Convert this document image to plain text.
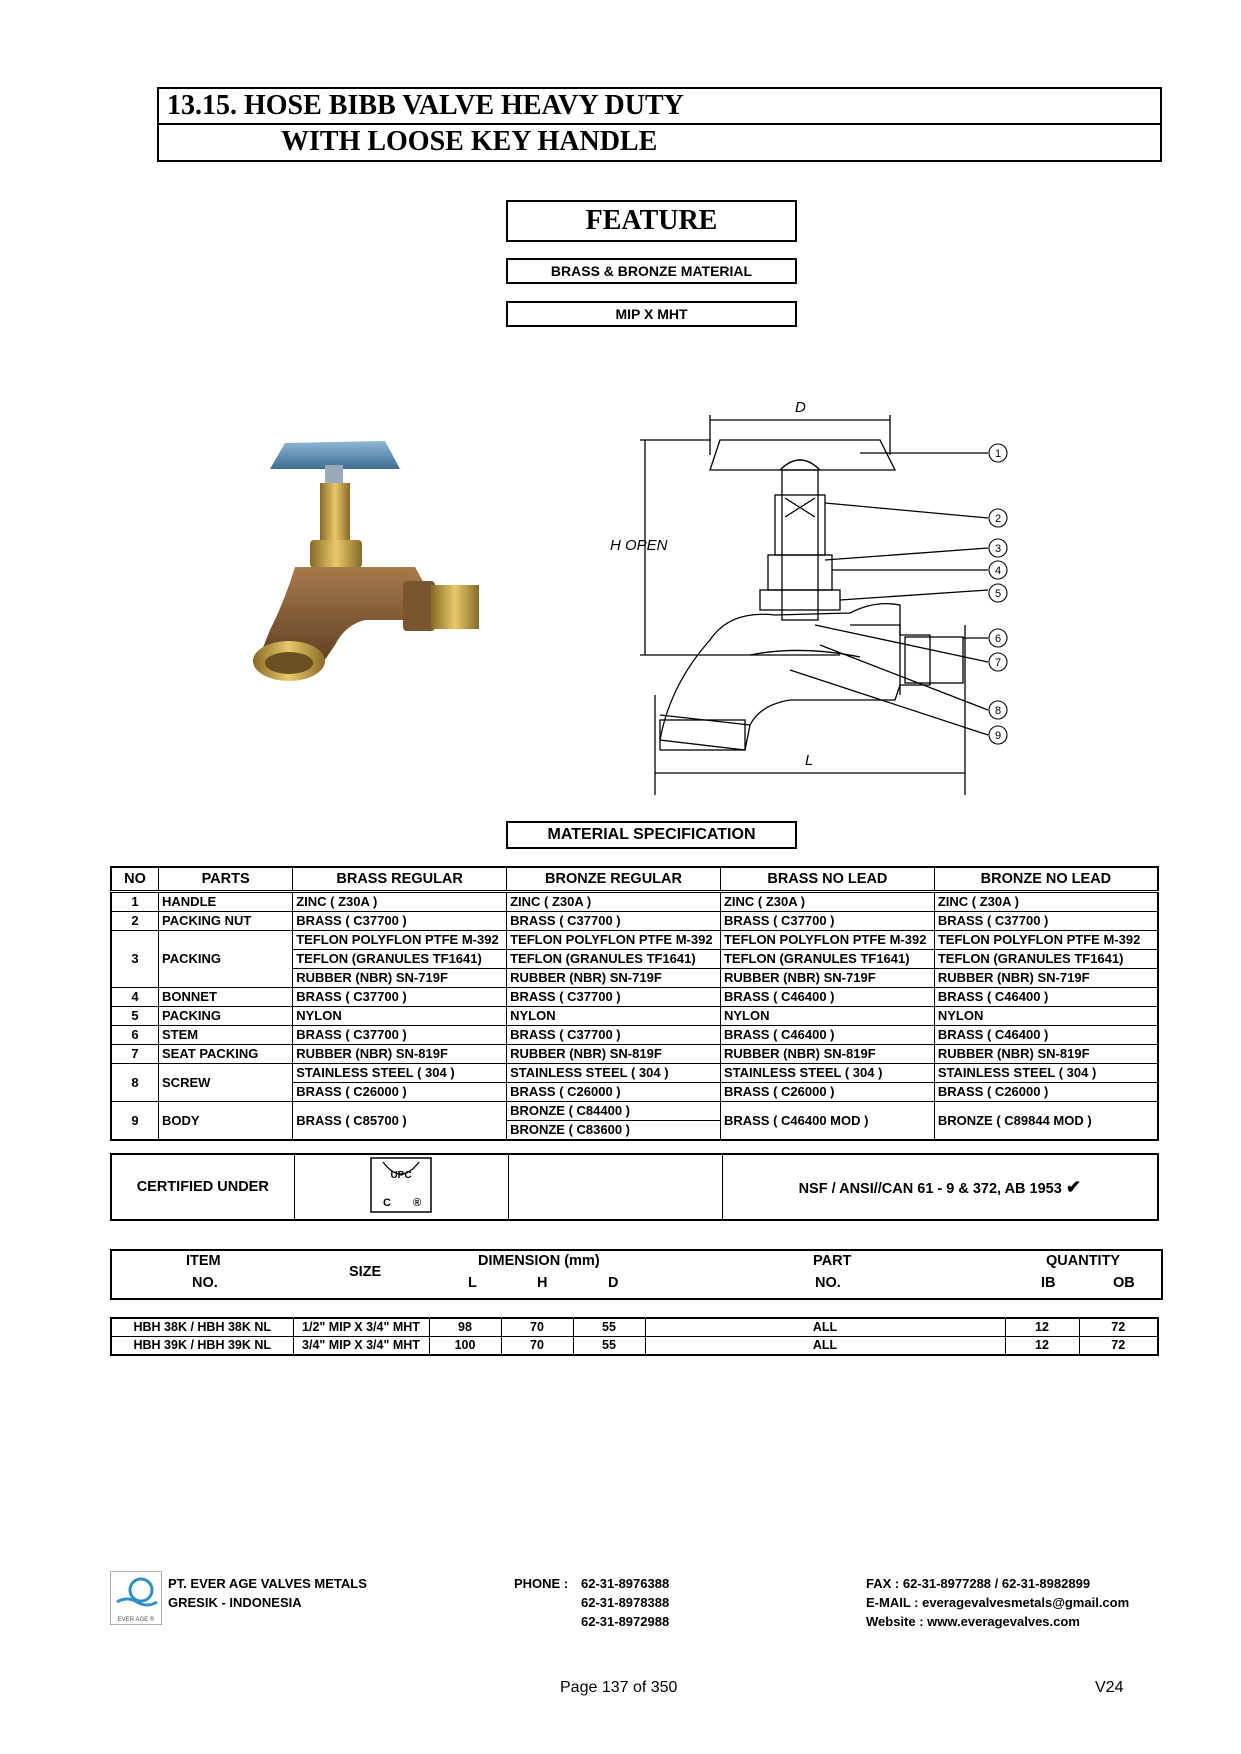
13.15. HOSE BIBB VALVE HEAVY DUTY
WITH LOOSE KEY HANDLE
FEATURE
BRASS & BRONZE MATERIAL
MIP X MHT
1
2
3
4
5
6
7
8
9
D
H OPEN
L
MATERIAL SPECIFICATION
NO	PARTS	BRASS REGULAR	BRONZE REGULAR	BRASS NO LEAD	BRONZE NO LEAD
1	HANDLE	ZINC ( Z30A )	ZINC ( Z30A )	ZINC ( Z30A )	ZINC ( Z30A )
2	PACKING NUT	BRASS ( C37700 )	BRASS ( C37700 )	BRASS ( C37700 )	BRASS ( C37700 )
3	PACKING	TEFLON POLYFLON PTFE M-392	TEFLON POLYFLON PTFE M-392	TEFLON POLYFLON PTFE M-392	TEFLON POLYFLON PTFE M-392
		TEFLON (GRANULES TF1641)	TEFLON (GRANULES TF1641)	TEFLON (GRANULES TF1641)	TEFLON (GRANULES TF1641)
		RUBBER (NBR) SN-719F	RUBBER (NBR) SN-719F	RUBBER (NBR) SN-719F	RUBBER (NBR) SN-719F
4	BONNET	BRASS ( C37700 )	BRASS ( C37700 )	BRASS ( C46400 )	BRASS ( C46400 )
5	PACKING	NYLON	NYLON	NYLON	NYLON
6	STEM	BRASS ( C37700 )	BRASS ( C37700 )	BRASS ( C46400 )	BRASS ( C46400 )
7	SEAT PACKING	RUBBER (NBR) SN-819F	RUBBER (NBR) SN-819F	RUBBER (NBR) SN-819F	RUBBER (NBR) SN-819F
8	SCREW	STAINLESS STEEL ( 304 )	STAINLESS STEEL ( 304 )	STAINLESS STEEL ( 304 )	STAINLESS STEEL ( 304 )
		BRASS ( C26000 )	BRASS ( C26000 )	BRASS ( C26000 )	BRASS ( C26000 )
9	BODY	BRASS ( C85700 )	BRONZE ( C84400 )	BRASS ( C46400 MOD )	BRONZE ( C89844 MOD )
			BRONZE ( C83600 )		
CERTIFIED UNDER	
UPC
C ®
		NSF / ANSI//CAN 61 - 9 & 372, AB 1953 ✔
ITEM
NO.
SIZE
DIMENSION (mm)
L	H	D
PART
NO.
QUANTITY
IB	OB
HBH 38K / HBH 38K NL	1/2" MIP X 3/4" MHT	98	70	55	ALL	12	72
HBH 39K / HBH 39K NL	3/4" MIP X 3/4" MHT	100	70	55	ALL	12	72
EVER AGE ®
PT. EVER AGE VALVES METALS
GRESIK - INDONESIA
PHONE : 62-31-8976388
62-31-8978388
62-31-8972988
FAX : 62-31-8977288 / 62-31-8982899
E-MAIL : everagevalvesmetals@gmail.com
Website : www.everagevalves.com
Page 137 of 350	V24
